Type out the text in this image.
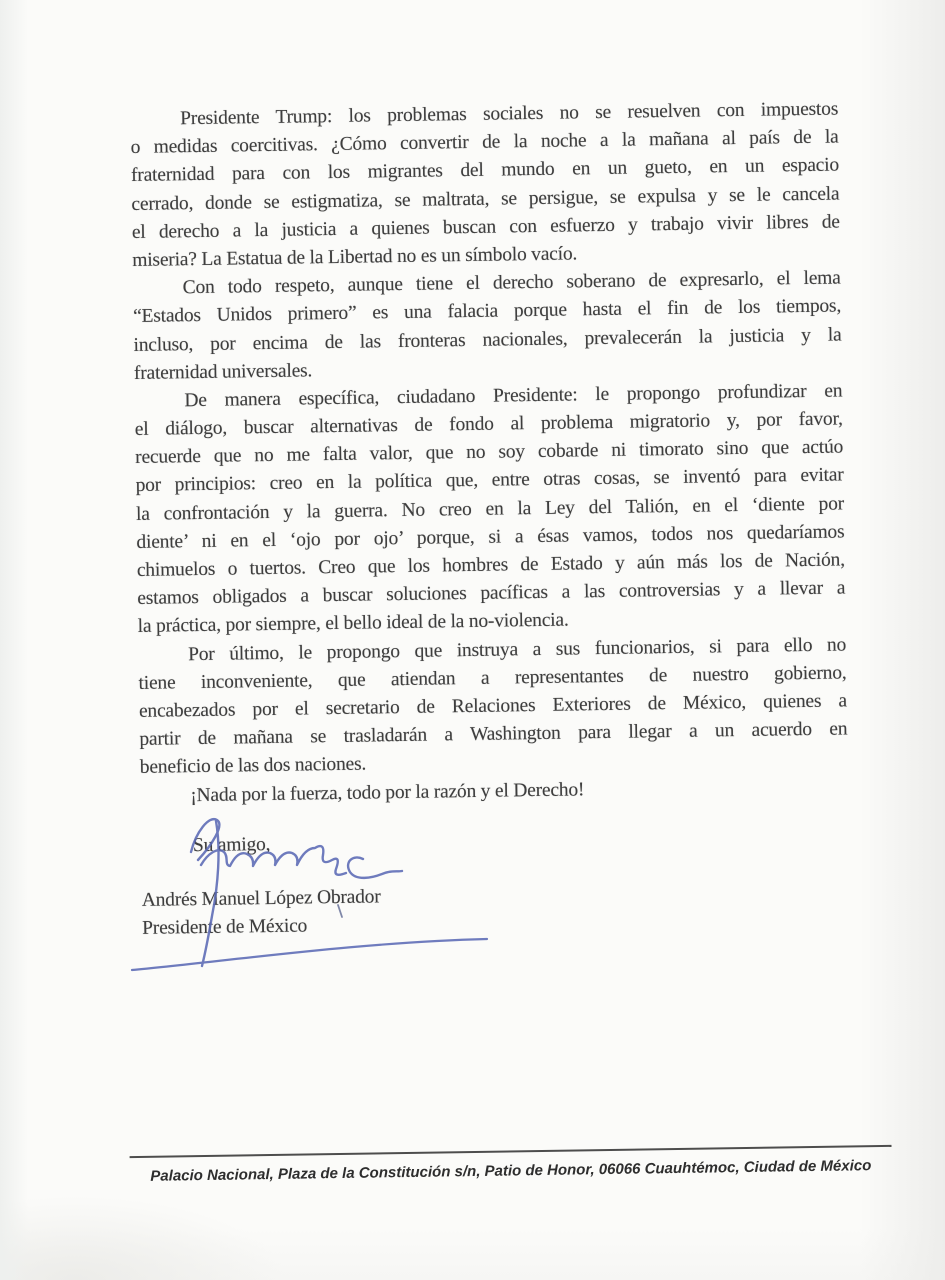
Presidente Trump: los problemas sociales no se resuelven con impuestos
o medidas coercitivas. ¿Cómo convertir de la noche a la mañana al país de la
fraternidad para con los migrantes del mundo en un gueto, en un espacio
cerrado, donde se estigmatiza, se maltrata, se persigue, se expulsa y se le cancela
el derecho a la justicia a quienes buscan con esfuerzo y trabajo vivir libres de
miseria? La Estatua de la Libertad no es un símbolo vacío.
Con todo respeto, aunque tiene el derecho soberano de expresarlo, el lema
“Estados Unidos primero” es una falacia porque hasta el fin de los tiempos,
incluso, por encima de las fronteras nacionales, prevalecerán la justicia y la
fraternidad universales.
De manera específica, ciudadano Presidente: le propongo profundizar en
el diálogo, buscar alternativas de fondo al problema migratorio y, por favor,
recuerde que no me falta valor, que no soy cobarde ni timorato sino que actúo
por principios: creo en la política que, entre otras cosas, se inventó para evitar
la confrontación y la guerra. No creo en la Ley del Talión, en el ‘diente por
diente’ ni en el ‘ojo por ojo’ porque, si a ésas vamos, todos nos quedaríamos
chimuelos o tuertos. Creo que los hombres de Estado y aún más los de Nación,
estamos obligados a buscar soluciones pacíficas a las controversias y a llevar a
la práctica, por siempre, el bello ideal de la no-violencia.
Por último, le propongo que instruya a sus funcionarios, si para ello no
tiene inconveniente, que atiendan a representantes de nuestro gobierno,
encabezados por el secretario de Relaciones Exteriores de México, quienes a
partir de mañana se trasladarán a Washington para llegar a un acuerdo en
beneficio de las dos naciones.
¡Nada por la fuerza, todo por la razón y el Derecho!
Su amigo,
Andrés Manuel López Obrador
Presidente de México
Palacio Nacional, Plaza de la Constitución s/n, Patio de Honor, 06066 Cuauhtémoc, Ciudad de México
